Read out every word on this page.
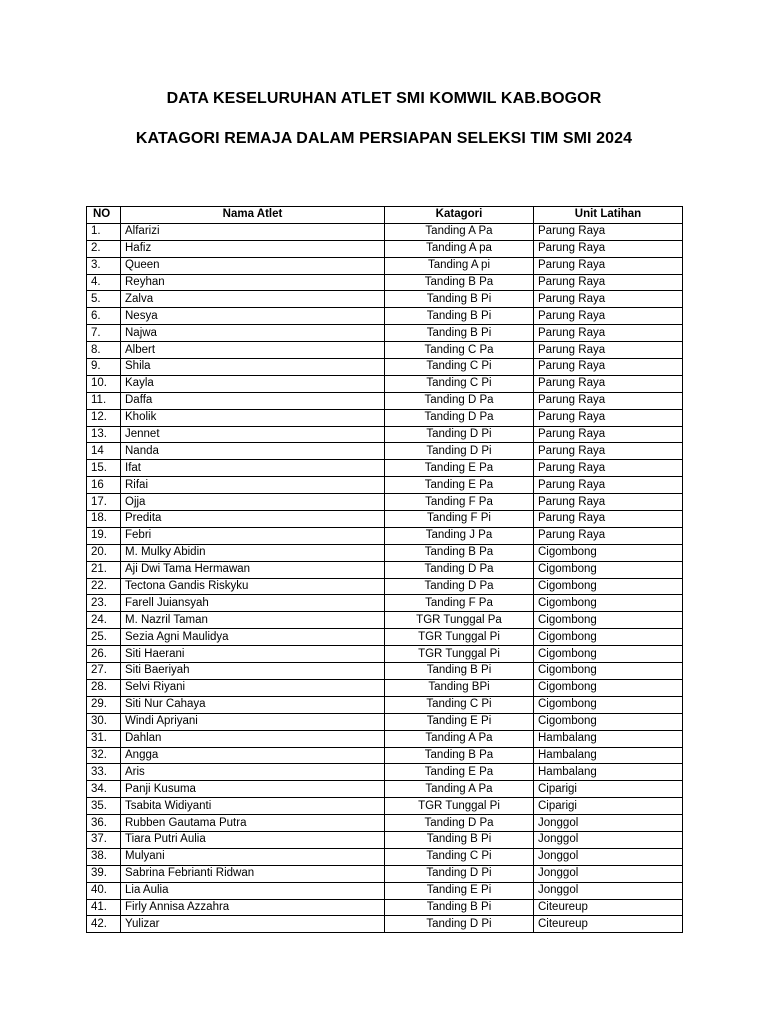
DATA KESELURUHAN ATLET SMI KOMWIL KAB.BOGOR
KATAGORI REMAJA DALAM PERSIAPAN SELEKSI TIM SMI 2024
NO	Nama Atlet	Katagori	Unit Latihan
1.	Alfarizi	Tanding A Pa	Parung Raya
2.	Hafiz	Tanding A pa	Parung Raya
3.	Queen	Tanding A pi	Parung Raya
4.	Reyhan	Tanding B Pa	Parung Raya
5.	Zalva	Tanding B Pi	Parung Raya
6.	Nesya	Tanding B Pi	Parung Raya
7.	Najwa	Tanding B Pi	Parung Raya
8.	Albert	Tanding C Pa	Parung Raya
9.	Shila	Tanding C Pi	Parung Raya
10.	Kayla	Tanding C Pi	Parung Raya
11.	Daffa	Tanding D Pa	Parung Raya
12.	Kholik	Tanding D Pa	Parung Raya
13.	Jennet	Tanding D Pi	Parung Raya
14	Nanda	Tanding D Pi	Parung Raya
15.	Ifat	Tanding E Pa	Parung Raya
16	Rifai	Tanding E Pa	Parung Raya
17.	Ojja	Tanding F Pa	Parung Raya
18.	Predita	Tanding F Pi	Parung Raya
19.	Febri	Tanding J Pa	Parung Raya
20.	M. Mulky Abidin	Tanding B Pa	Cigombong
21.	Aji Dwi Tama Hermawan	Tanding D Pa	Cigombong
22.	Tectona Gandis Riskyku	Tanding D Pa	Cigombong
23.	Farell Juiansyah	Tanding F Pa	Cigombong
24.	M. Nazril Taman	TGR Tunggal Pa	Cigombong
25.	Sezia Agni Maulidya	TGR Tunggal Pi	Cigombong
26.	Siti Haerani	TGR Tunggal Pi	Cigombong
27.	Siti Baeriyah	Tanding B Pi	Cigombong
28.	Selvi Riyani	Tanding BPi	Cigombong
29.	Siti Nur Cahaya	Tanding C Pi	Cigombong
30.	Windi Apriyani	Tanding E Pi	Cigombong
31.	Dahlan	Tanding A Pa	Hambalang
32.	Angga	Tanding B Pa	Hambalang
33.	Aris	Tanding E Pa	Hambalang
34.	Panji Kusuma	Tanding A Pa	Ciparigi
35.	Tsabita Widiyanti	TGR Tunggal Pi	Ciparigi
36.	Rubben Gautama Putra	Tanding D Pa	Jonggol
37.	Tiara Putri Aulia	Tanding B Pi	Jonggol
38.	Mulyani	Tanding C Pi	Jonggol
39.	Sabrina Febrianti Ridwan	Tanding D Pi	Jonggol
40.	Lia Aulia	Tanding E Pi	Jonggol
41.	Firly Annisa Azzahra	Tanding B Pi	Citeureup
42.	Yulizar	Tanding D Pi	Citeureup
